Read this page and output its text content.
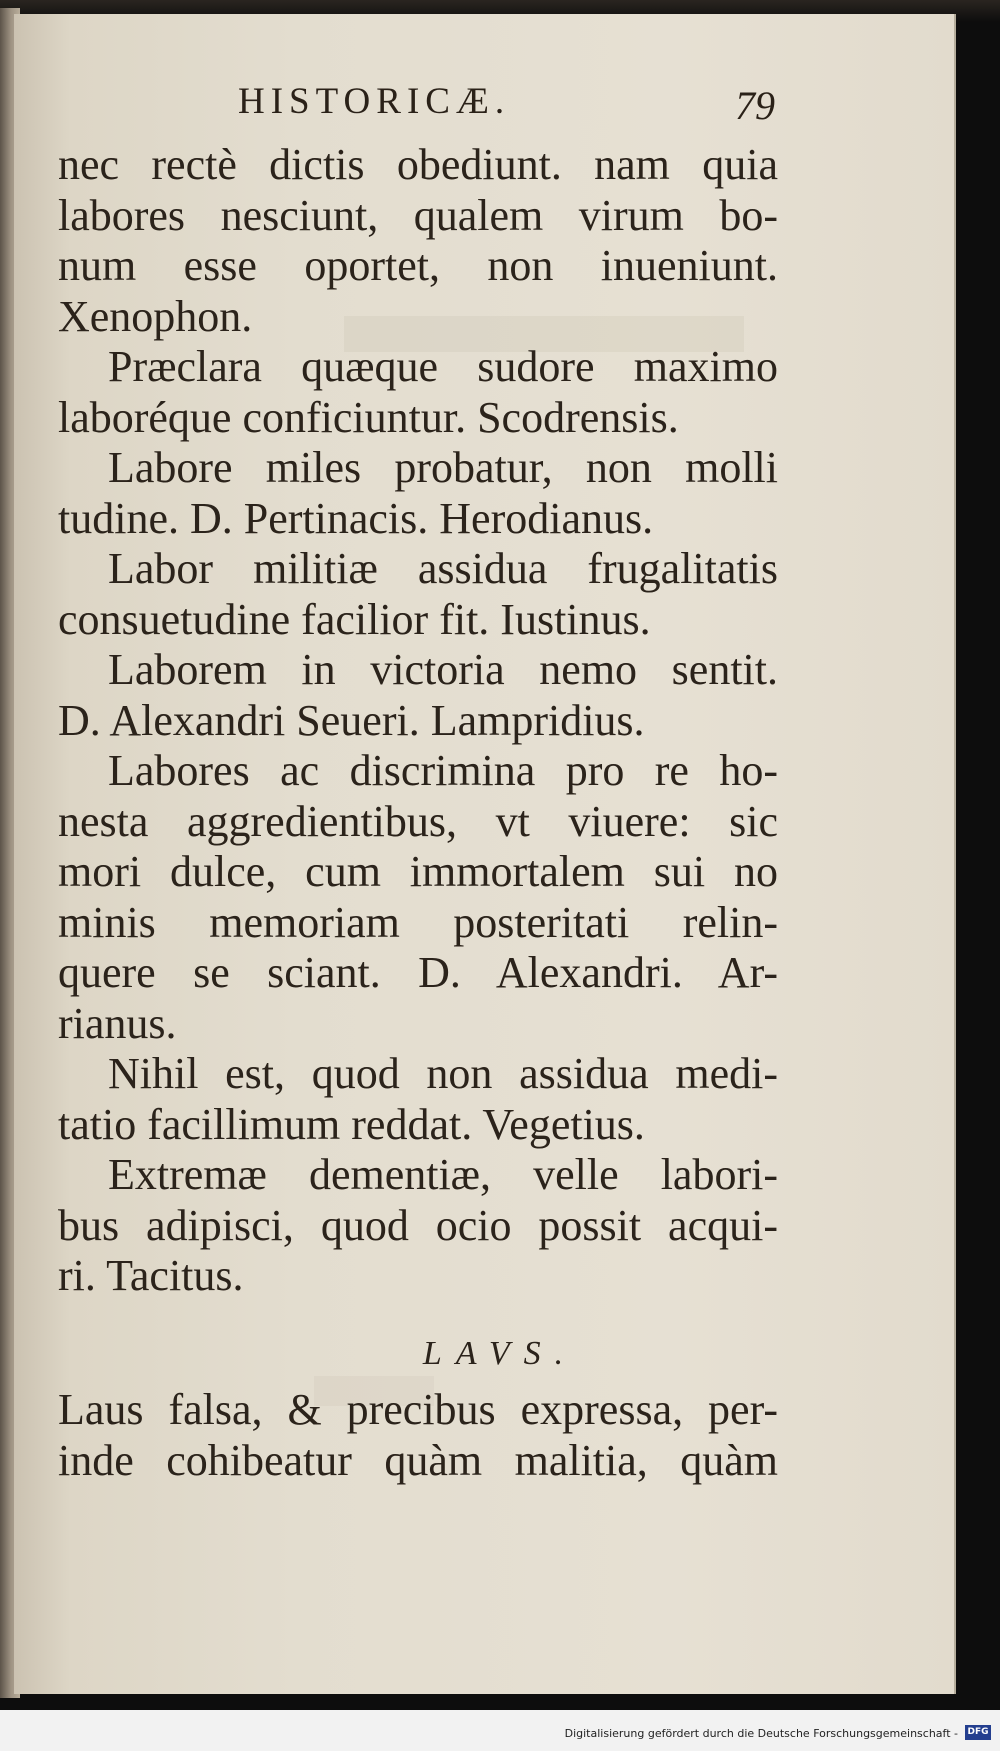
HISTORICÆ.	79
nec rectè dictis obediunt. nam quia
labores nesciunt, qualem virum bo-
num esse oportet, non inueniunt.
Xenophon.
Præclara quæque sudore maximo
laboréque conficiuntur. Scodrensis.
Labore miles probatur, non molli
tudine. D. Pertinacis. Herodianus.
Labor militiæ assidua frugalitatis
consuetudine facilior fit. Iustinus.
Laborem in victoria nemo sentit.
D. Alexandri Seueri. Lampridius.
Labores ac discrimina pro re ho-
nesta aggredientibus, vt viuere: sic
mori dulce, cum immortalem sui no
minis memoriam posteritati relin-
quere se sciant. D. Alexandri. Ar-
rianus.
Nihil est, quod non assidua medi-
tatio facillimum reddat. Vegetius.
Extremæ dementiæ, velle labori-
bus adipisci, quod ocio possit acqui-
ri. Tacitus.
LAVS.
Laus falsa, & precibus expressa, per-
inde cohibeatur quàm malitia, quàm
Digitalisierung gefördert durch die Deutsche Forschungsgemeinschaft - DFG
